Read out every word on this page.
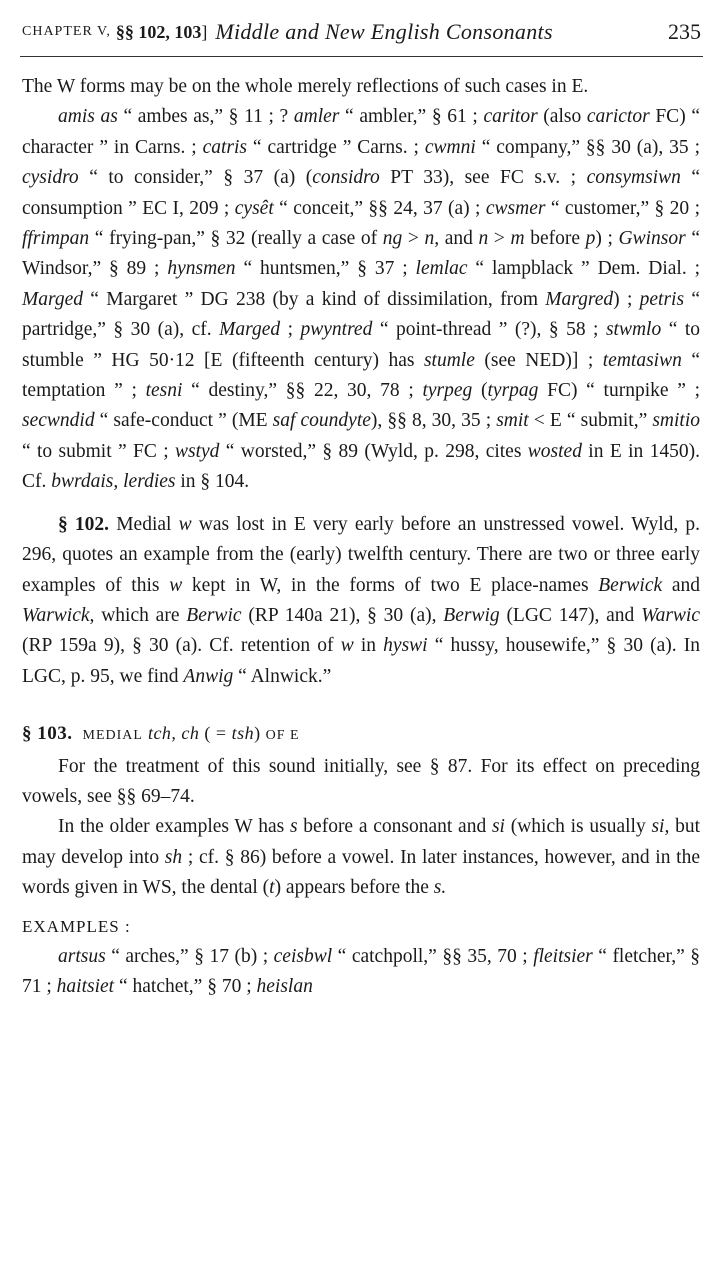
CHAPTER V, §§ 102, 103 ] Middle and New English Consonants	235

The W forms may be on the whole merely reflections of such cases in E.

amis as “ ambes as,” § 11 ; ? amler “ ambler,” § 61 ; caritor (also carictor FC) “ character ” in Carns. ; catris “ cartridge ” Carns. ; cwmni “ company,” §§ 30 (a), 35 ; cysidro “ to consider,” § 37 (a) (considro PT 33), see FC s.v. ; consymsiwn “ consumption ” EC I, 209 ; cysêt “ conceit,” §§ 24, 37 (a) ; cwsmer “ customer,” § 20 ; ffrimpan “ frying-pan,” § 32 (really a case of ng > n, and n > m before p) ; Gwinsor “ Windsor,” § 89 ; hynsmen “ huntsmen,” § 37 ; lemlac “ lampblack ” Dem. Dial. ; Marged “ Margaret ” DG 238 (by a kind of dissimilation, from Margred) ; petris “ partridge,” § 30 (a), cf. Marged ; pwyntred “ point-thread ” (?), § 58 ; stwmlo “ to stumble ” HG 50·12 [E (fifteenth century) has stumle (see NED)] ; temtasiwn “ temptation ” ; tesni “ destiny,” §§ 22, 30, 78 ; tyrpeg (tyrpag FC) “ turnpike ” ; secwndid “ safe-conduct ” (ME saf coundyte), §§ 8, 30, 35 ; smit < E “ submit,” smitio “ to submit ” FC ; wstyd “ worsted,” § 89 (Wyld, p. 298, cites wosted in E in 1450). Cf. bwrdais, lerdies in § 104.

§ 102. Medial w was lost in E very early before an unstressed vowel. Wyld, p. 296, quotes an example from the (early) twelfth century. There are two or three early examples of this w kept in W, in the forms of two E place-names Berwick and Warwick, which are Berwic (RP 140a 21), § 30 (a), Berwig (LGC 147), and Warwic (RP 159a 9), § 30 (a). Cf. retention of w in hyswi “ hussy, housewife,” § 30 (a). In LGC, p. 95, we find Anwig “ Alnwick.”

§ 103. MEDIAL tch, ch ( = tsh) OF E

For the treatment of this sound initially, see § 87. For its effect on preceding vowels, see §§ 69–74.

In the older examples W has s before a consonant and si (which is usually si, but may develop into sh ; cf. § 86) before a vowel. In later instances, however, and in the words given in WS, the dental (t) appears before the s.

EXAMPLES :

artsus “ arches,” § 17 (b) ; ceisbwl “ catchpoll,” §§ 35, 70 ; fleitsier “ fletcher,” § 71 ; haitsiet “ hatchet,” § 70 ; heislan
